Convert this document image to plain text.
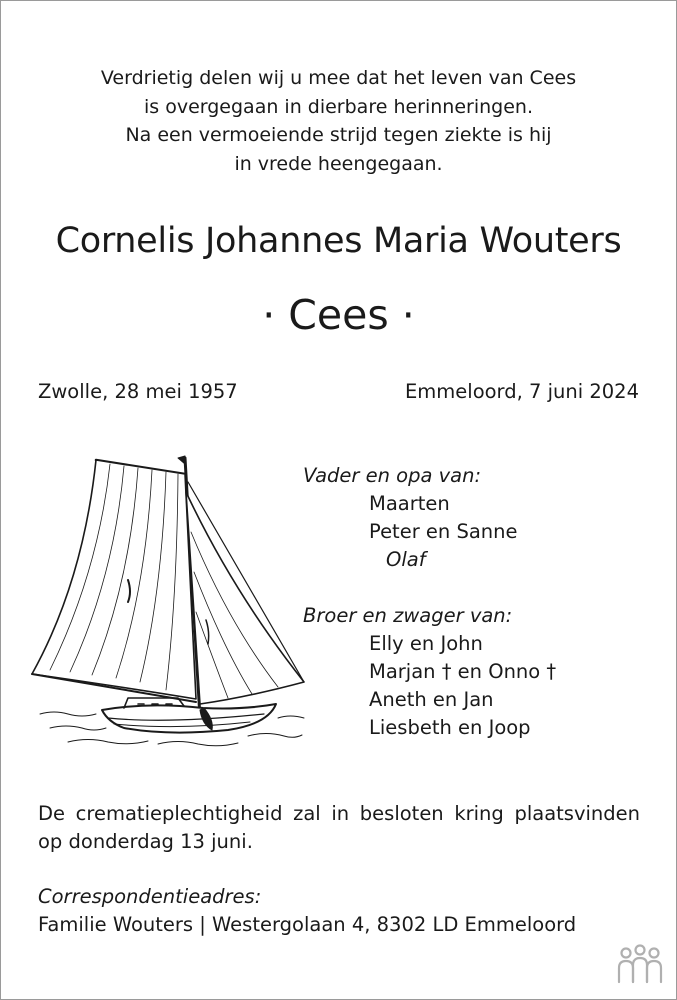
Verdrietig delen wij u mee dat het leven van Cees
is overgegaan in dierbare herinneringen.
Na een vermoeiende strijd tegen ziekte is hij
in vrede heengegaan.
Cornelis Johannes Maria Wouters
· Cees ·
Zwolle, 28 mei 1957	Emmeloord, 7 juni 2024
Vader en opa van:
Maarten
Peter en Sanne
Olaf
Broer en zwager van:
Elly en John
Marjan † en Onno †
Aneth en Jan
Liesbeth en Joop
De crematieplechtigheid zal in besloten kring plaatsvinden
op donderdag 13 juni.
Correspondentieadres:
Familie Wouters | Westergolaan 4, 8302 LD Emmeloord
